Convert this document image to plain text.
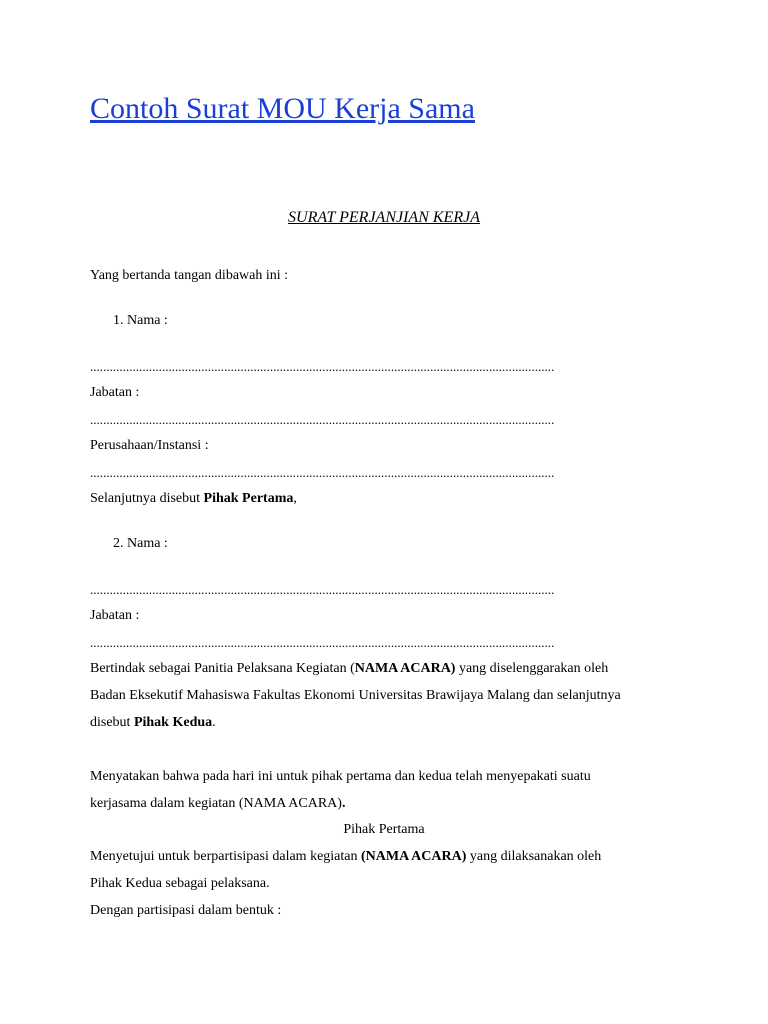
Contoh Surat MOU Kerja Sama
SURAT PERJANJIAN KERJA
Yang bertanda tangan dibawah ini :
1. Nama :
..............................................................................................................................................
Jabatan :
..............................................................................................................................................
Perusahaan/Instansi :
..............................................................................................................................................
Selanjutnya disebut Pihak Pertama,
2. Nama :
..............................................................................................................................................
Jabatan :
..............................................................................................................................................
Bertindak sebagai Panitia Pelaksana Kegiatan (NAMA ACARA) yang diselenggarakan oleh
Badan Eksekutif Mahasiswa Fakultas Ekonomi Universitas Brawijaya Malang dan selanjutnya
disebut Pihak Kedua.
Menyatakan bahwa pada hari ini untuk pihak pertama dan kedua telah menyepakati suatu
kerjasama dalam kegiatan (NAMA ACARA).
Pihak Pertama
Menyetujui untuk berpartisipasi dalam kegiatan (NAMA ACARA) yang dilaksanakan oleh
Pihak Kedua sebagai pelaksana.
Dengan partisipasi dalam bentuk :
